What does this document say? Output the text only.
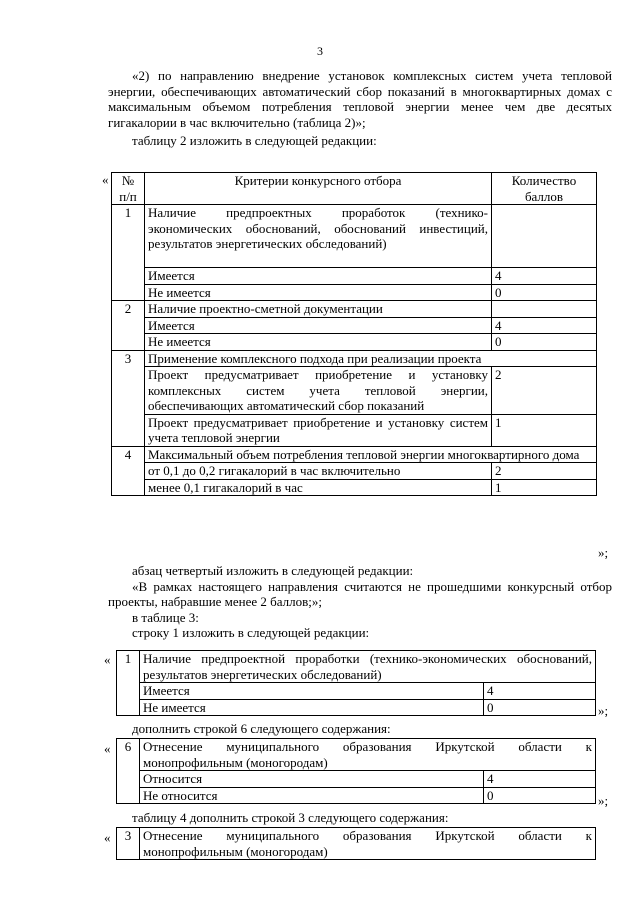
3

«2) по направлению внедрение установок комплексных систем учета тепловой энергии, обеспечивающих автоматический сбор показаний в многоквартирных домах с максимальным объемом потребления тепловой энергии менее чем две десятых гигакалории в час включительно (таблица 2)»;

таблицу 2 изложить в следующей редакции:

« № п/п	Критерии конкурсного отбора	Количество баллов
1	Наличие предпроектных проработок (технико-экономических обоснований, обоснований инвестиций, результатов энергетических обследований)	
	Имеется	4
	Не имеется	0
2	Наличие проектно-сметной документации	
	Имеется	4
	Не имеется	0
3	Применение комплексного подхода при реализации проекта	
	Проект предусматривает приобретение и установку комплексных систем учета тепловой энергии, обеспечивающих автоматический сбор показаний	2
	Проект предусматривает приобретение и установку систем учета тепловой энергии	1
4	Максимальный объем потребления тепловой энергии многоквартирного дома	
	от 0,1 до 0,2 гигакалорий в час включительно	2
	менее 0,1 гигакалорий в час	1
»;

абзац четвертый изложить в следующей редакции:

«В рамках настоящего направления считаются не прошедшими конкурсный отбор проекты, набравшие менее 2 баллов;»;

в таблице 3:

строку 1 изложить в следующей редакции:

« 1	Наличие предпроектной проработки (технико-экономических обоснований, результатов энергетических обследований)	
	Имеется	4
	Не имеется	0	»;
дополнить строкой 6 следующего содержания:
« 6	Отнесение муниципального образования Иркутской области к монопрофильным (моногородам)	
	Относится	4
	Не относится	0	»;
таблицу 4 дополнить строкой 3 следующего содержания:
« 3	Отнесение муниципального образования Иркутской области к монопрофильным (моногородам)
